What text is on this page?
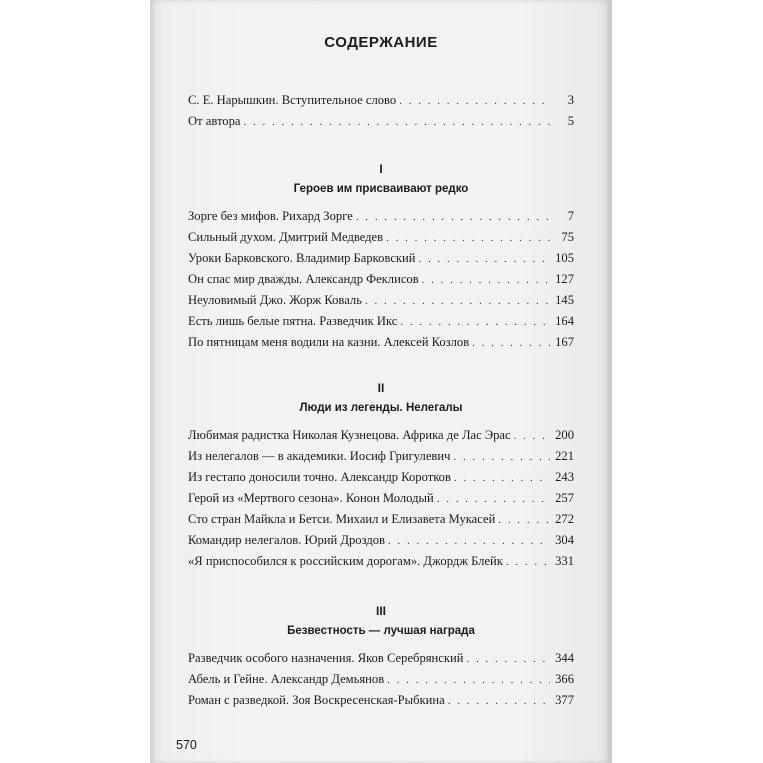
СОДЕРЖАНИЕ
С. Е. Нарышкин. Вступительное слово . . .	3
От автора . . .	5
I
Героев им присваивают редко
Зорге без мифов. Рихард Зорге . . .	7
Сильный духом. Дмитрий Медведев . . .	75
Уроки Барковского. Владимир Барковский . . .	105
Он спас мир дважды. Александр Феклисов . . .	127
Неуловимый Джо. Жорж Коваль . . .	145
Есть лишь белые пятна. Разведчик Икс . . .	164
По пятницам меня водили на казни. Алексей Козлов . . .	167
II
Люди из легенды. Нелегалы
Любимая радистка Николая Кузнецова. Африка де Лас Эрас . . .	200
Из нелегалов — в академики. Иосиф Григулевич . . .	221
Из гестапо доносили точно. Александр Коротков . . .	243
Герой из «Мертвого сезона». Конон Молодый . . .	257
Сто стран Майкла и Бетси. Михаил и Елизавета Мукасей . . .	272
Командир нелегалов. Юрий Дроздов . . .	304
«Я приспособился к российским дорогам». Джордж Блейк . . .	331
III
Безвестность — лучшая награда
Разведчик особого назначения. Яков Серебрянский . . .	344
Абель и Гейне. Александр Демьянов . . .	366
Роман с разведкой. Зоя Воскресенская-Рыбкина . . .	377
570
